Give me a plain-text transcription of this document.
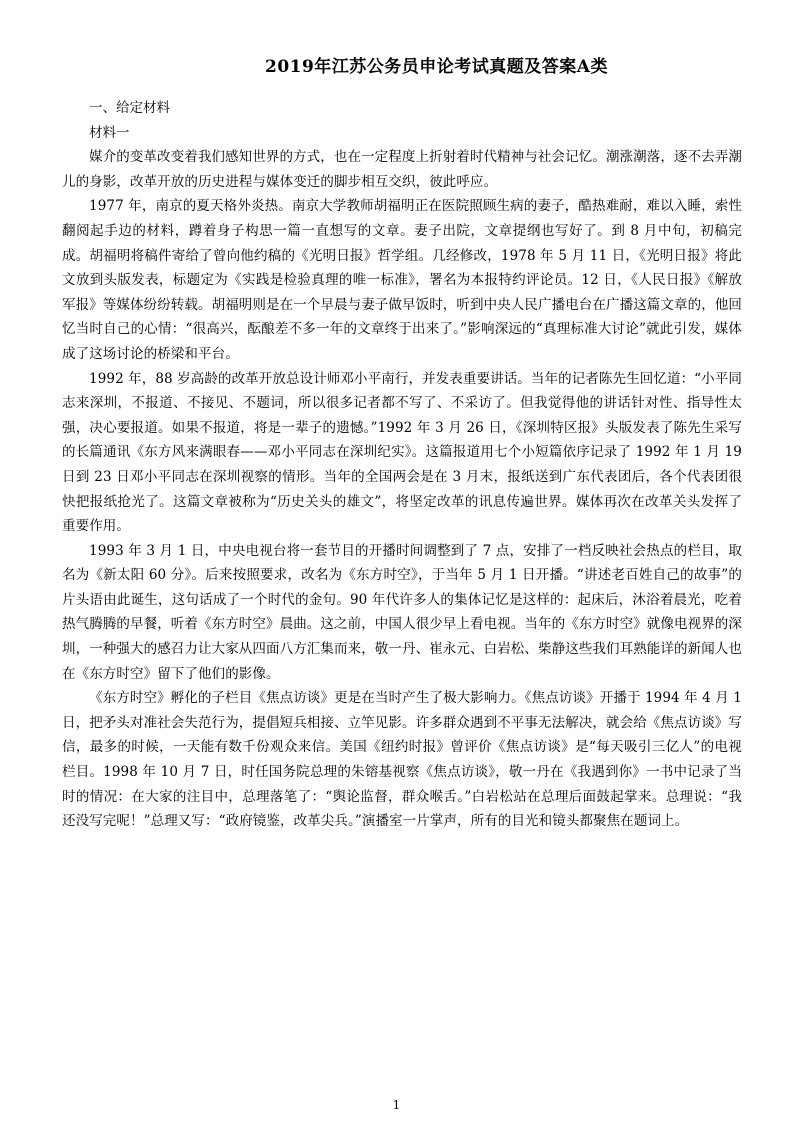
2019年江苏公务员申论考试真题及答案A类

一、给定材料

材料一

媒介的变革改变着我们感知世界的方式，也在一定程度上折射着时代精神与社会记忆。潮涨潮落，逐不去弄潮儿的身影，改革开放的历史进程与媒体变迁的脚步相互交织，彼此呼应。

1977 年，南京的夏天格外炎热。南京大学教师胡福明正在医院照顾生病的妻子，酷热难耐，难以入睡，索性翻阅起手边的材料，蹲着身子构思一篇一直想写的文章。妻子出院，文章提纲也写好了。到 8 月中旬，初稿完成。胡福明将稿件寄给了曾向他约稿的《光明日报》哲学组。几经修改，1978 年 5 月 11 日，《光明日报》将此文放到头版发表，标题定为《实践是检验真理的唯一标准》，署名为本报特约评论员。12 日，《人民日报》《解放军报》等媒体纷纷转载。胡福明则是在一个早晨与妻子做早饭时，听到中央人民广播电台在广播这篇文章的，他回忆当时自己的心情：“很高兴，酝酿差不多一年的文章终于出来了。”影响深远的“真理标准大讨论”就此引发，媒体成了这场讨论的桥梁和平台。

1992 年，88 岁高龄的改革开放总设计师邓小平南行，并发表重要讲话。当年的记者陈先生回忆道：“小平同志来深圳，不报道、不接见、不题词，所以很多记者都不写了、不采访了。但我觉得他的讲话针对性、指导性太强，决心要报道。如果不报道，将是一辈子的遗憾。”1992 年 3 月 26 日，《深圳特区报》头版发表了陈先生采写的长篇通讯《东方风来满眼春——邓小平同志在深圳纪实》。这篇报道用七个小短篇依序记录了 1992 年 1 月 19 日到 23 日邓小平同志在深圳视察的情形。当年的全国两会是在 3 月末，报纸送到广东代表团后，各个代表团很快把报纸抢光了。这篇文章被称为“历史关头的雄文”，将坚定改革的讯息传遍世界。媒体再次在改革关头发挥了重要作用。

1993 年 3 月 1 日，中央电视台将一套节目的开播时间调整到了 7 点，安排了一档反映社会热点的栏目，取名为《新太阳 60 分》。后来按照要求，改名为《东方时空》，于当年 5 月 1 日开播。“讲述老百姓自己的故事”的片头语由此诞生，这句话成了一个时代的金句。90 年代许多人的集体记忆是这样的：起床后，沐浴着晨光，吃着热气腾腾的早餐，听着《东方时空》晨曲。这之前，中国人很少早上看电视。当年的《东方时空》就像电视界的深圳，一种强大的感召力让大家从四面八方汇集而来，敬一丹、崔永元、白岩松、柴静这些我们耳熟能详的新闻人也在《东方时空》留下了他们的影像。

《东方时空》孵化的子栏目《焦点访谈》更是在当时产生了极大影响力。《焦点访谈》开播于 1994 年 4 月 1 日，把矛头对准社会失范行为，提倡短兵相接、立竿见影。许多群众遇到不平事无法解决，就会给《焦点访谈》写信，最多的时候，一天能有数千份观众来信。美国《纽约时报》曾评价《焦点访谈》是“每天吸引三亿人”的电视栏目。1998 年 10 月 7 日，时任国务院总理的朱镕基视察《焦点访谈》，敬一丹在《我遇到你》一书中记录了当时的情况：在大家的注目中，总理落笔了：“舆论监督，群众喉舌。”白岩松站在总理后面鼓起掌来。总理说：“我还没写完呢！”总理又写：“政府镜鉴，改革尖兵。”演播室一片掌声，所有的目光和镜头都聚焦在题词上。

1
